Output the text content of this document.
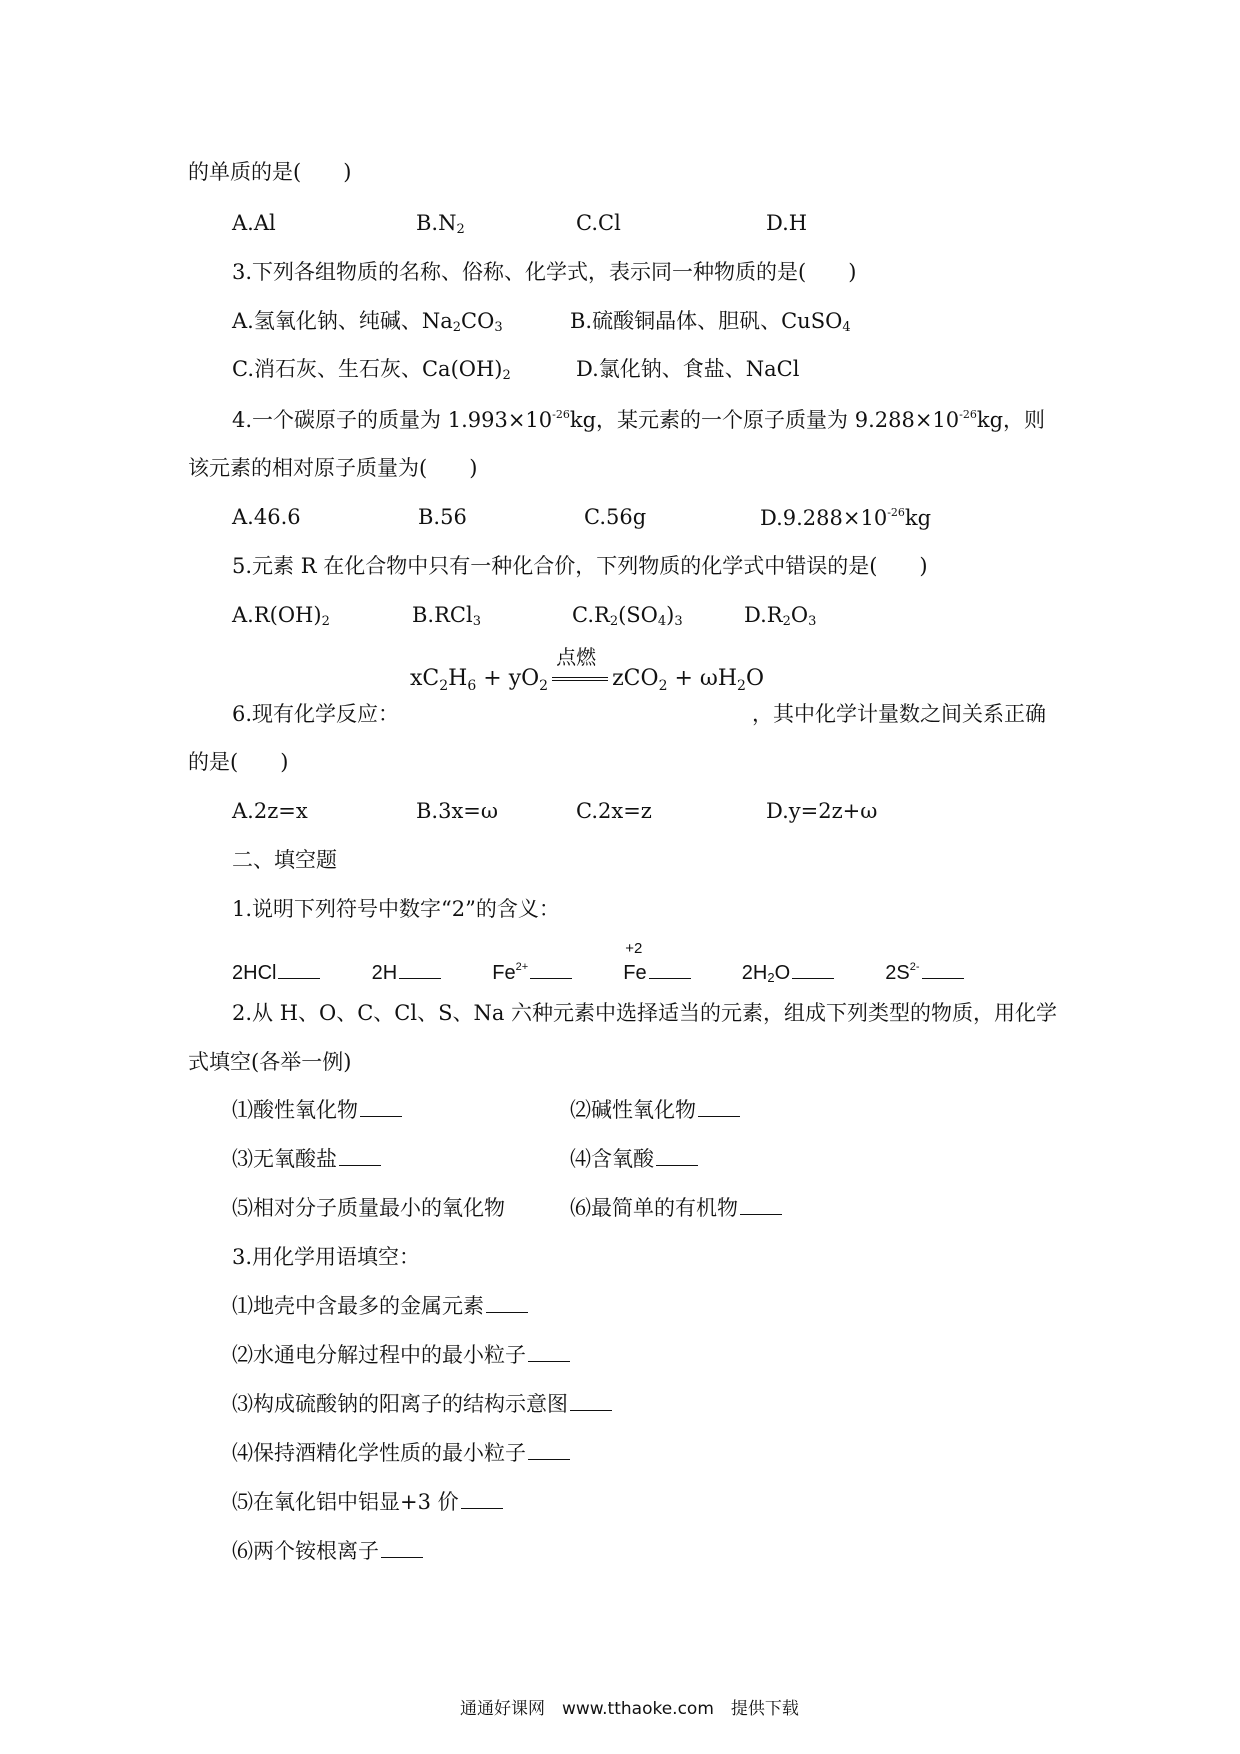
的单质的是(　　)
A.Al	$B.N_2$	C.Cl	D.H
3.下列各组物质的名称、俗称、化学式，表示同一种物质的是(　　)
A.氢氧化钠、纯碱、$Na_2CO_3$	B.硫酸铜晶体、胆矾、CuSO$_4$
C.消石灰、生石灰、$Ca(OH)_2$	D.氯化钠、食盐、NaCl
4.一个碳原子的质量为 $1.993\times 10^{-26}kg$，某元素的一个原子质量为 $9.288\times 10^{-26}kg$，则
该元素的相对原子质量为(　　)
A.46.6	B.56	C.56g	$D.9.288\times 10^{-26}kg$
5.元素 R 在化合物中只有一种化合价，下列物质的化学式中错误的是(　　)
$A.R(OH)_2$	B.RCl$_3$	$C.R_2(SO_4)_3$	$D.R_2O_3$
$xC_2H_6 + yO_2$
点燃
$zCO_2 + \omega H_2O$
6.现有化学反应：	，其中化学计量数之间关系正确
的是(　　)
A.2z=x	B.3x=ω	C.2x=z	D.y=2z+ω
二、填空题
1.说明下列符号中数字“2”的含义：
2HCl	2H	$Fe^{2+}$
+2
Fe	$2H_2O$	$2S^{2-}$
2.从 H、O、C、Cl、S、Na 六种元素中选择适当的元素，组成下列类型的物质，用化学
式填空(各举一例)
⑴酸性氧化物	⑵碱性氧化物
⑶无氧酸盐	⑷含氧酸
⑸相对分子质量最小的氧化物	⑹最简单的有机物
3.用化学用语填空：
⑴地壳中含最多的金属元素
⑵水通电分解过程中的最小粒子
⑶构成硫酸钠的阳离子的结构示意图
⑷保持酒精化学性质的最小粒子
⑸在氧化铝中铝显+3 价
⑹两个铵根离子
通通好课网　www.tthaoke.com　提供下载
